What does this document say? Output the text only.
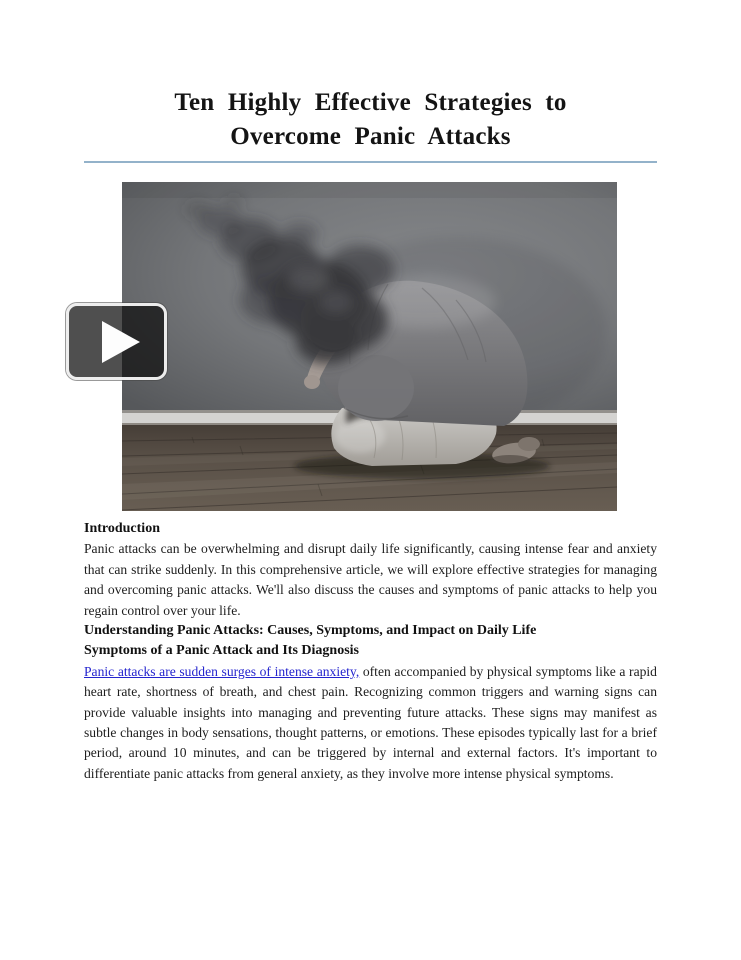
Ten Highly Effective Strategies to
Overcome Panic Attacks
Introduction

Panic attacks can be overwhelming and disrupt daily life significantly, causing intense fear and anxiety that can strike suddenly. In this comprehensive article, we will explore effective strategies for managing and overcoming panic attacks. We'll also discuss the causes and symptoms of panic attacks to help you regain control over your life.

Understanding Panic Attacks: Causes, Symptoms, and Impact on Daily Life
Symptoms of a Panic Attack and Its Diagnosis

Panic attacks are sudden surges of intense anxiety, often accompanied by physical symptoms like a rapid heart rate, shortness of breath, and chest pain. Recognizing common triggers and warning signs can provide valuable insights into managing and preventing future attacks. These signs may manifest as subtle changes in body sensations, thought patterns, or emotions. These episodes typically last for a brief period, around 10 minutes, and can be triggered by internal and external factors. It's important to differentiate panic attacks from general anxiety, as they involve more intense physical symptoms.
